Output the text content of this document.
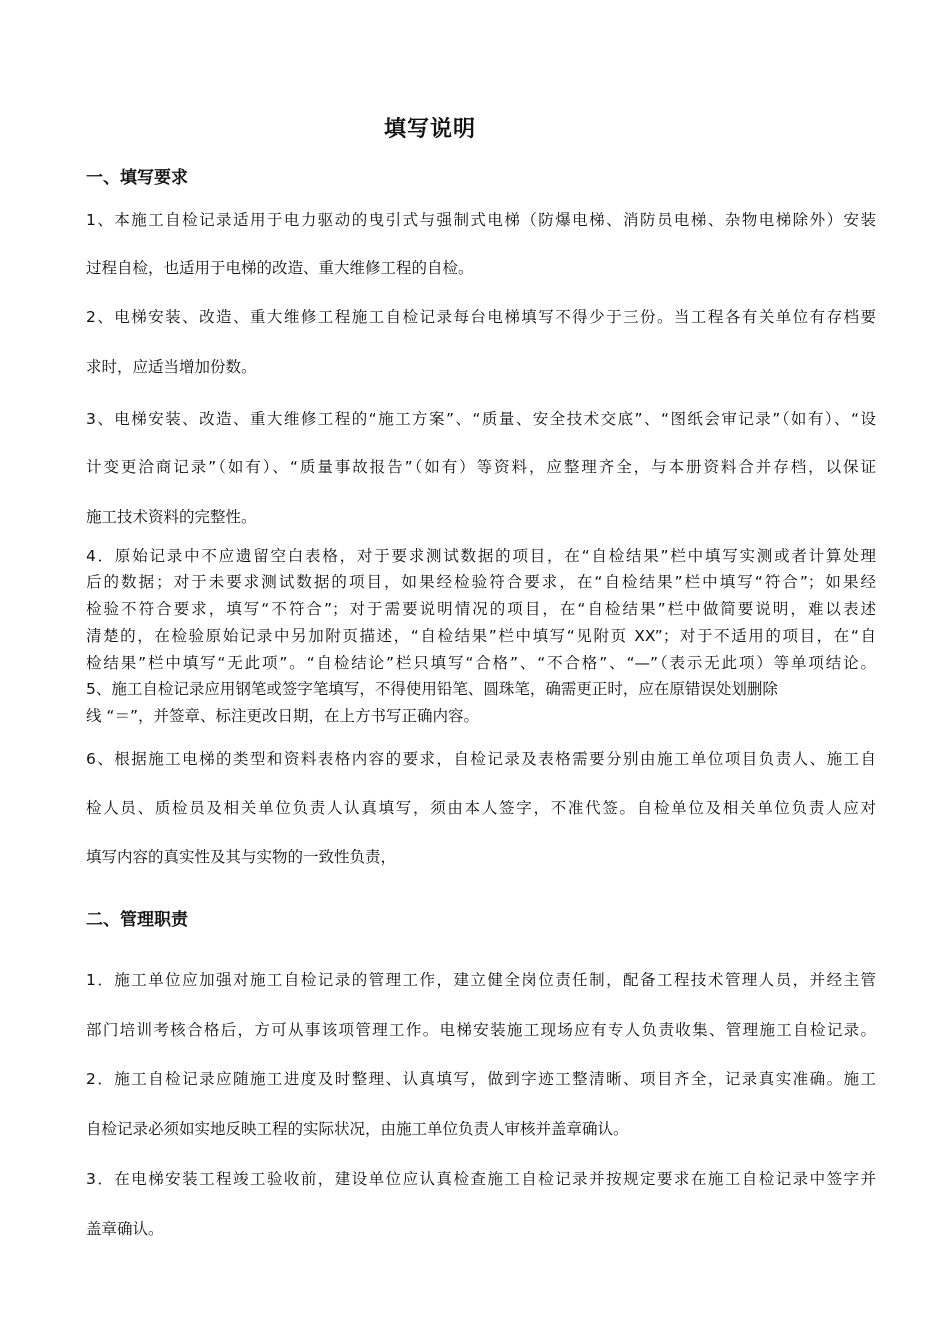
填写说明
一、填写要求
1、本施工自检记录适用于电力驱动的曳引式与强制式电梯（防爆电梯、消防员电梯、杂物电梯除外）安装
过程自检，也适用于电梯的改造、重大维修工程的自检。
2、电梯安装、改造、重大维修工程施工自检记录每台电梯填写不得少于三份。当工程各有关单位有存档要
求时，应适当增加份数。
3、电梯安装、改造、重大维修工程的“施工方案”、“质量、安全技术交底”、“图纸会审记录”（如有）、“设
计变更洽商记录”（如有）、“质量事故报告”（如有）等资料，应整理齐全，与本册资料合并存档，以保证
施工技术资料的完整性。
4．原始记录中不应遗留空白表格，对于要求测试数据的项目，在“自检结果”栏中填写实测或者计算处理
后的数据；对于未要求测试数据的项目，如果经检验符合要求，在“自检结果”栏中填写“符合”；如果经
检验不符合要求，填写“不符合”；对于需要说明情况的项目，在“自检结果”栏中做简要说明，难以表述
清楚的，在检验原始记录中另加附页描述，“自检结果”栏中填写“见附页 XX”；对于不适用的项目，在“自
检结果”栏中填写“无此项”。“自检结论”栏只填写“合格”、“不合格”、“—”（表示无此项）等单项结论。
5、施工自检记录应用钢笔或签字笔填写，不得使用铅笔、圆珠笔，确需更正时，应在原错误处划删除
线 “＝”，并签章、标注更改日期，在上方书写正确内容。
6、根据施工电梯的类型和资料表格内容的要求，自检记录及表格需要分别由施工单位项目负责人、施工自
检人员、质检员及相关单位负责人认真填写，须由本人签字，不准代签。自检单位及相关单位负责人应对
填写内容的真实性及其与实物的一致性负责，
二、管理职责
1．施工单位应加强对施工自检记录的管理工作，建立健全岗位责任制，配备工程技术管理人员，并经主管
部门培训考核合格后，方可从事该项管理工作。电梯安装施工现场应有专人负责收集、管理施工自检记录。
2．施工自检记录应随施工进度及时整理、认真填写，做到字迹工整清晰、项目齐全，记录真实准确。施工
自检记录必须如实地反映工程的实际状况，由施工单位负责人审核并盖章确认。
3．在电梯安装工程竣工验收前，建设单位应认真检查施工自检记录并按规定要求在施工自检记录中签字并
盖章确认。
